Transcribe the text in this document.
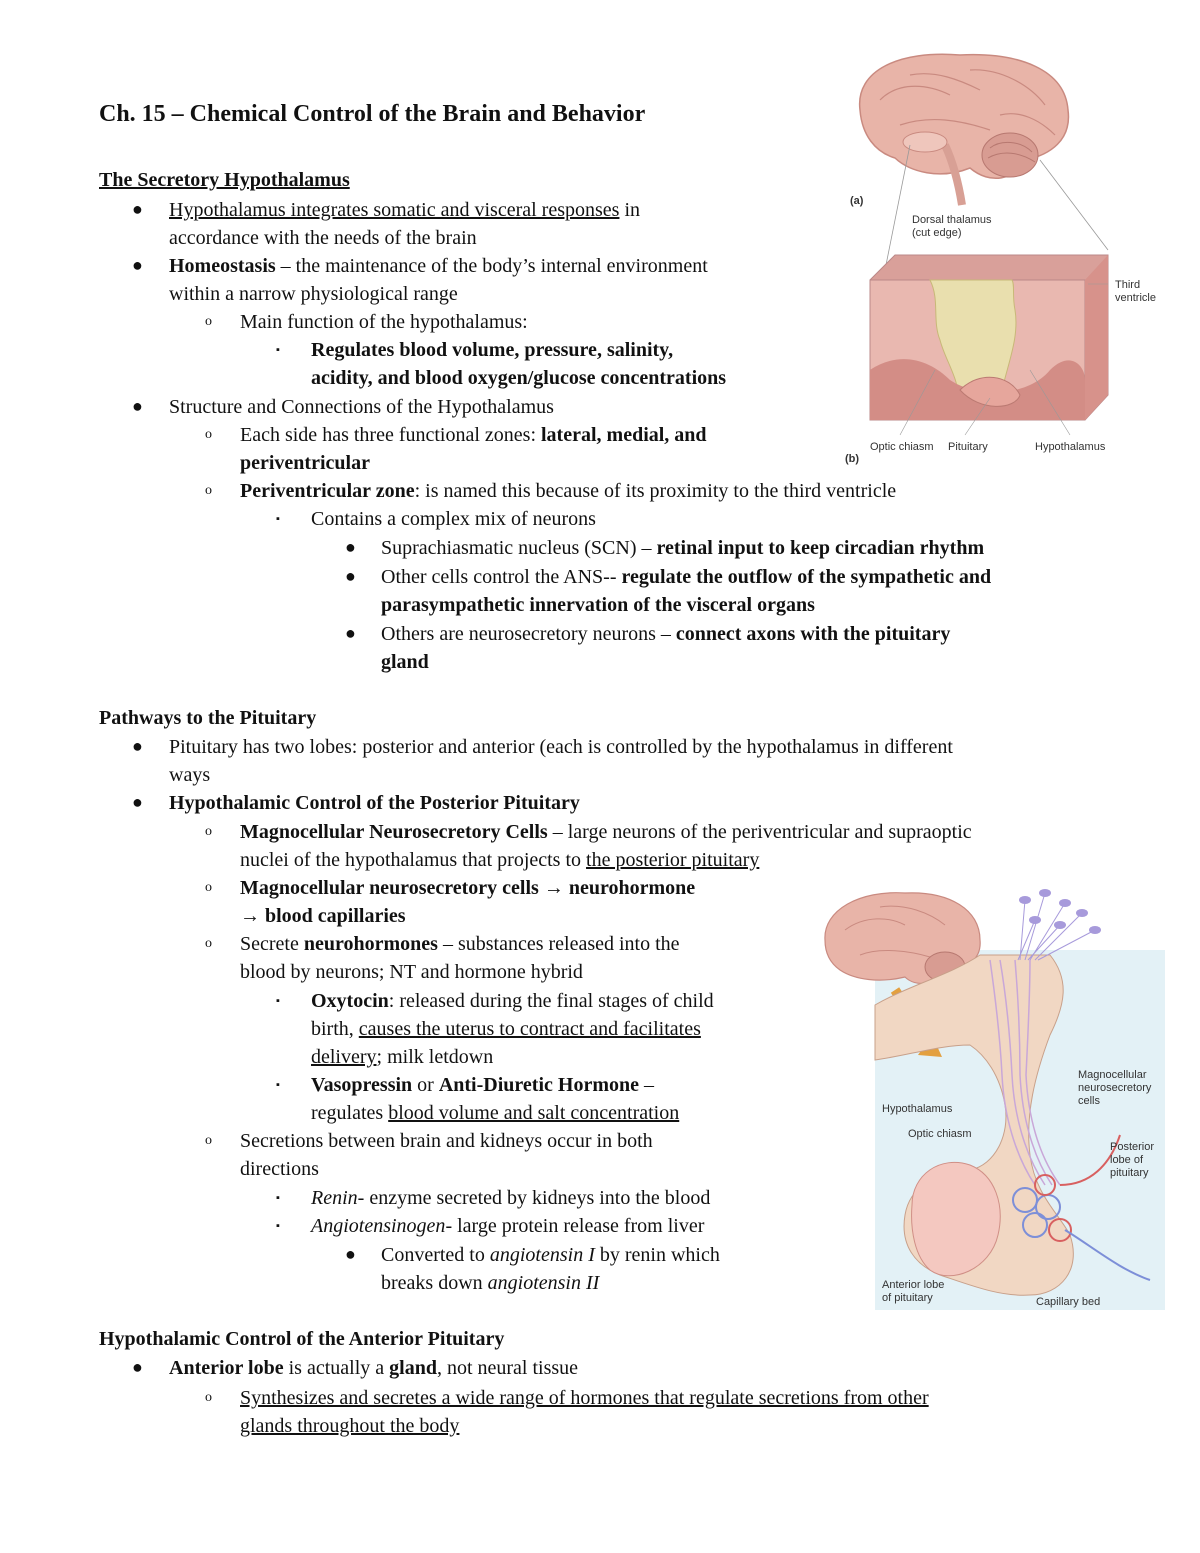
Ch. 15 – Chemical Control of the Brain and Behavior
The Secretory Hypothalamus
● Hypothalamus integrates somatic and visceral responses in
accordance with the needs of the brain
● Homeostasis – the maintenance of the body’s internal environment
within a narrow physiological range
o Main function of the hypothalamus:
▪ Regulates blood volume, pressure, salinity,
acidity, and blood oxygen/glucose concentrations
● Structure and Connections of the Hypothalamus
o Each side has three functional zones: lateral, medial, and
periventricular
o Periventricular zone: is named this because of its proximity to the third ventricle
▪ Contains a complex mix of neurons
● Suprachiasmatic nucleus (SCN) – retinal input to keep circadian rhythm
● Other cells control the ANS-- regulate the outflow of the sympathetic and
parasympathetic innervation of the visceral organs
● Others are neurosecretory neurons – connect axons with the pituitary
gland
Pathways to the Pituitary
● Pituitary has two lobes: posterior and anterior (each is controlled by the hypothalamus in different
ways
● Hypothalamic Control of the Posterior Pituitary
o Magnocellular Neurosecretory Cells – large neurons of the periventricular and supraoptic
nuclei of the hypothalamus that projects to the posterior pituitary
o Magnocellular neurosecretory cells → neurohormone
→ blood capillaries
o Secrete neurohormones – substances released into the
blood by neurons; NT and hormone hybrid
▪ Oxytocin: released during the final stages of child
birth, causes the uterus to contract and facilitates
delivery; milk letdown
▪ Vasopressin or Anti-Diuretic Hormone –
regulates blood volume and salt concentration
o Secretions between brain and kidneys occur in both
directions
▪ Renin- enzyme secreted by kidneys into the blood
▪ Angiotensinogen- large protein release from liver
● Converted to angiotensin I by renin which
breaks down angiotensin II
Hypothalamic Control of the Anterior Pituitary
● Anterior lobe is actually a gland, not neural tissue
o Synthesizes and secretes a wide range of hormones that regulate secretions from other
glands throughout the body
(a)
Dorsal thalamus
(cut edge)
Third
ventricle
Optic chiasm Pituitary	Hypothalamus
(b)
Magnocellular
neurosecretory
cells
Hypothalamus
Optic chiasm
Posterior
lobe of
pituitary
Anterior lobe
of pituitary	Capillary bed
